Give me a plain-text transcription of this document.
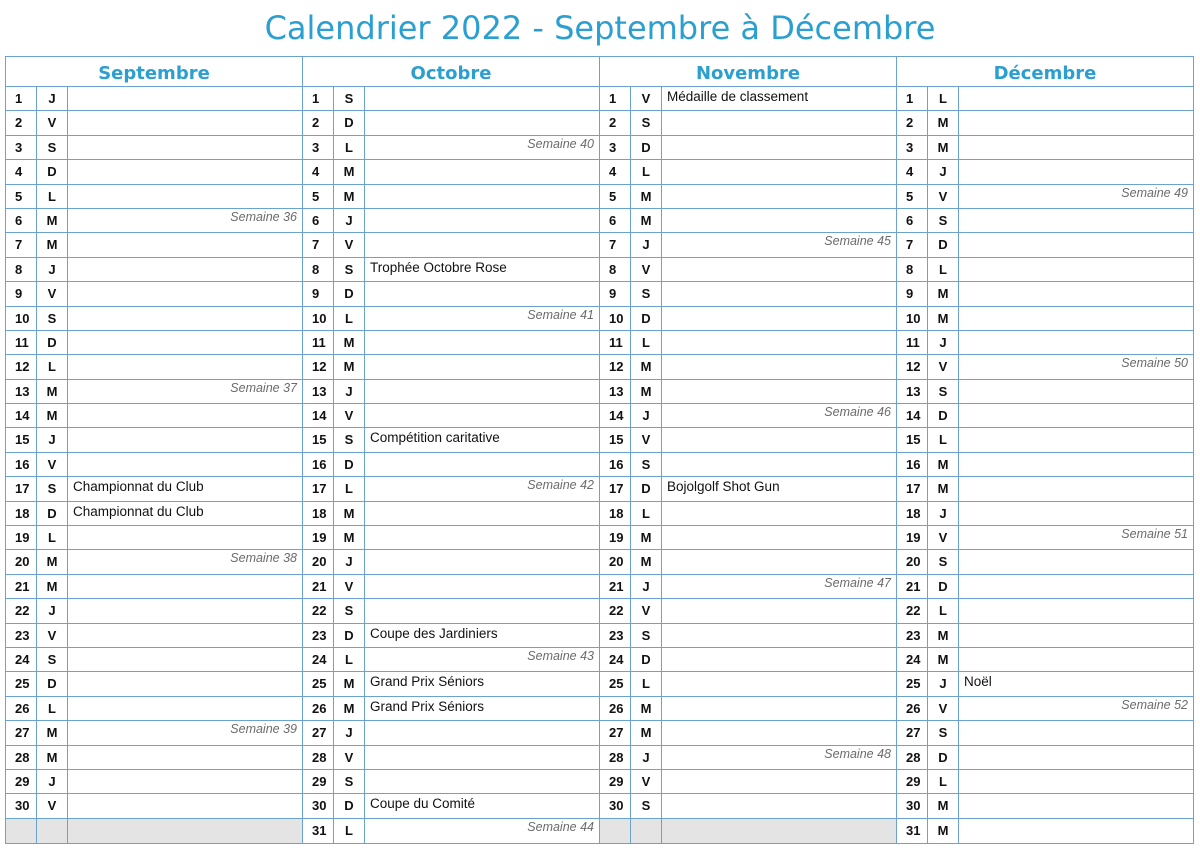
Calendrier 2022 - Septembre à Décembre
Septembre
1	J
2	V
3	S
4	D
5	L
6	M	Semaine 36
7	M
8	J
9	V
10	S
11	D
12	L
13	M	Semaine 37
14	M
15	J
16	V
17	S	Championnat du Club
18	D	Championnat du Club
19	L
20	M	Semaine 38
21	M
22	J
23	V
24	S
25	D
26	L
27	M	Semaine 39
28	M
29	J
30	V
Octobre
1	S
2	D
3	L	Semaine 40
4	M
5	M
6	J
7	V
8	S	Trophée Octobre Rose
9	D
10	L	Semaine 41
11	M
12	M
13	J
14	V
15	S	Compétition caritative
16	D
17	L	Semaine 42
18	M
19	M
20	J
21	V
22	S
23	D	Coupe des Jardiniers
24	L	Semaine 43
25	M	Grand Prix Séniors
26	M	Grand Prix Séniors
27	J
28	V
29	S
30	D	Coupe du Comité
31	L	Semaine 44
Novembre
1	V	Médaille de classement
2	S
3	D
4	L
5	M
6	M
7	J	Semaine 45
8	V
9	S
10	D
11	L
12	M
13	M
14	J	Semaine 46
15	V
16	S
17	D	Bojolgolf Shot Gun
18	L
19	M
20	M
21	J	Semaine 47
22	V
23	S
24	D
25	L
26	M
27	M
28	J	Semaine 48
29	V
30	S
Décembre
1	L
2	M
3	M
4	J
5	V	Semaine 49
6	S
7	D
8	L
9	M
10	M
11	J
12	V	Semaine 50
13	S
14	D
15	L
16	M
17	M
18	J
19	V	Semaine 51
20	S
21	D
22	L
23	M
24	M
25	J	Noël
26	V	Semaine 52
27	S
28	D
29	L
30	M
31	M
